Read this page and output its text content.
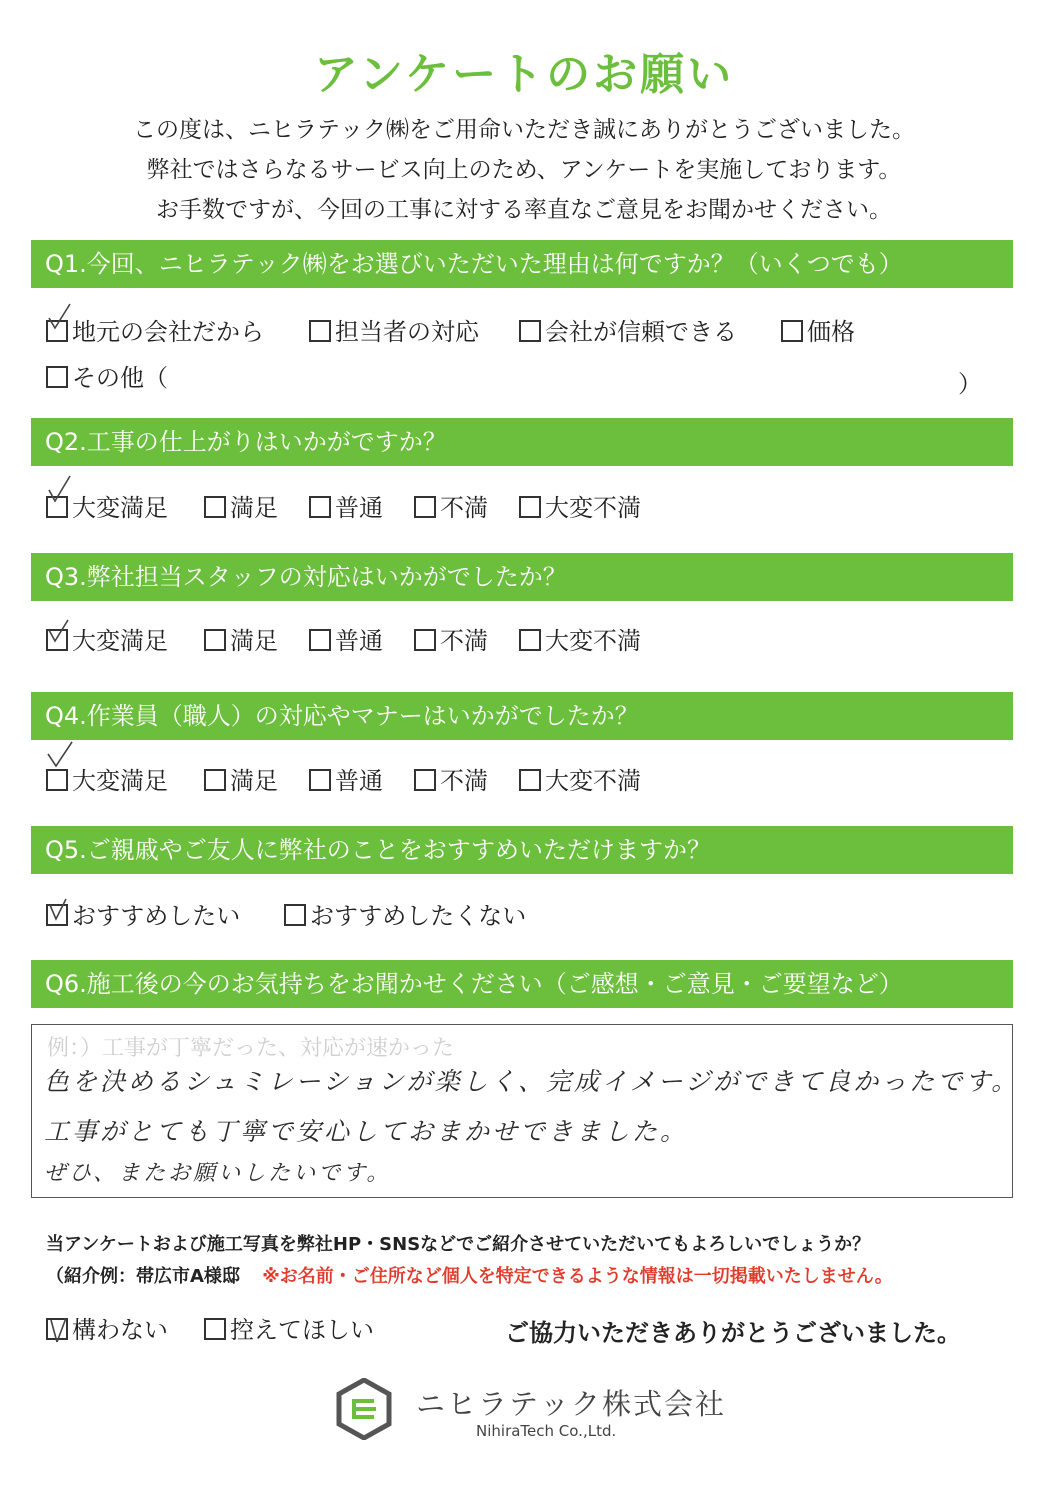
アンケートのお願い
この度は、ニヒラテック㈱をご用命いただき誠にありがとうございました。
弊社ではさらなるサービス向上のため、アンケートを実施しております。
お手数ですが、今回の工事に対する率直なご意見をお聞かせください。
Q1.今回、ニヒラテック㈱をお選びいただいた理由は何ですか？（いくつでも）
地元の会社だから	担当者の対応	会社が信頼できる	価格
その他（	）
Q2.工事の仕上がりはいかがですか？
大変満足	満足	普通	不満	大変不満
Q3.弊社担当スタッフの対応はいかがでしたか？
大変満足	満足	普通	不満	大変不満
Q4.作業員（職人）の対応やマナーはいかがでしたか？
大変満足	満足	普通	不満	大変不満
Q5.ご親戚やご友人に弊社のことをおすすめいただけますか？
おすすめしたい	おすすめしたくない
Q6.施工後の今のお気持ちをお聞かせください（ご感想・ご意見・ご要望など）
例：）工事が丁寧だった、対応が速かった
色を決めるシュミレーションが楽しく、完成イメージができて良かったです。
工事がとても丁寧で安心しておまかせできました。
ぜひ、またお願いしたいです。
当アンケートおよび施工写真を弊社HP・SNSなどでご紹介させていただいてもよろしいでしょうか？
（紹介例：帯広市A様邸 ※お名前・ご住所など個人を特定できるような情報は一切掲載いたしません。
構わない	控えてほしい	ご協力いただきありがとうございました。
ニヒラテック株式会社
NihiraTech Co.,Ltd.
